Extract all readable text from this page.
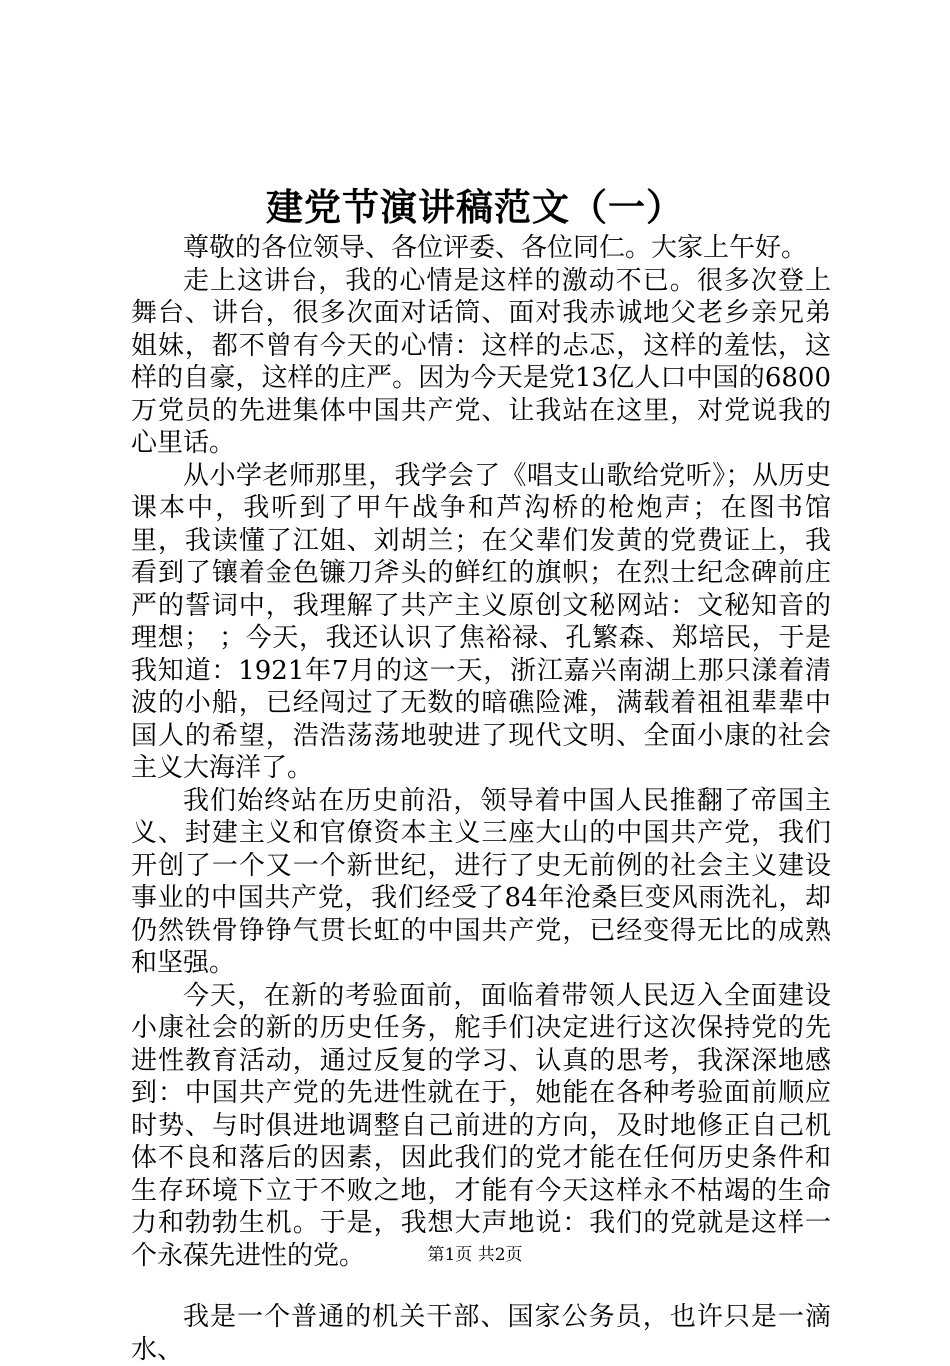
建党节演讲稿范文（一）

尊敬的各位领导、各位评委、各位同仁。大家上午好。

走上这讲台，我的心情是这样的激动不已。很多次登上舞台、讲台，很多次面对话筒、面对我赤诚地父老乡亲兄弟姐妹，都不曾有今天的心情：这样的忐忑，这样的羞怯，这样的自豪，这样的庄严。因为今天是党13亿人口中国的6800万党员的先进集体中国共产党、让我站在这里，对党说我的心里话。

从小学老师那里，我学会了《唱支山歌给党听》；从历史课本中，我听到了甲午战争和芦沟桥的枪炮声；在图书馆里，我读懂了江姐、刘胡兰；在父辈们发黄的党费证上，我看到了镶着金色镰刀斧头的鲜红的旗帜；在烈士纪念碑前庄严的誓词中，我理解了共产主义原创文秘网站：文秘知音的理想； ；今天，我还认识了焦裕禄、孔繁森、郑培民，于是我知道：1921年7月的这一天，浙江嘉兴南湖上那只漾着清波的小船，已经闯过了无数的暗礁险滩，满载着祖祖辈辈中国人的希望，浩浩荡荡地驶进了现代文明、全面小康的社会主义大海洋了。

我们始终站在历史前沿，领导着中国人民推翻了帝国主义、封建主义和官僚资本主义三座大山的中国共产党，我们开创了一个又一个新世纪，进行了史无前例的社会主义建设事业的中国共产党，我们经受了84年沧桑巨变风雨洗礼，却仍然铁骨铮铮气贯长虹的中国共产党，已经变得无比的成熟和坚强。

今天，在新的考验面前，面临着带领人民迈入全面建设小康社会的新的历史任务，舵手们决定进行这次保持党的先进性教育活动，通过反复的学习、认真的思考，我深深地感到：中国共产党的先进性就在于，她能在各种考验面前顺应时势、与时俱进地调整自己前进的方向，及时地修正自己机体不良和落后的因素，因此我们的党才能在任何历史条件和生存环境下立于不败之地，才能有今天这样永不枯竭的生命力和勃勃生机。于是，我想大声地说：我们的党就是这样一个永葆先进性的党。

我是一个普通的机关干部、国家公务员，也许只是一滴水、

第1页 共2页
